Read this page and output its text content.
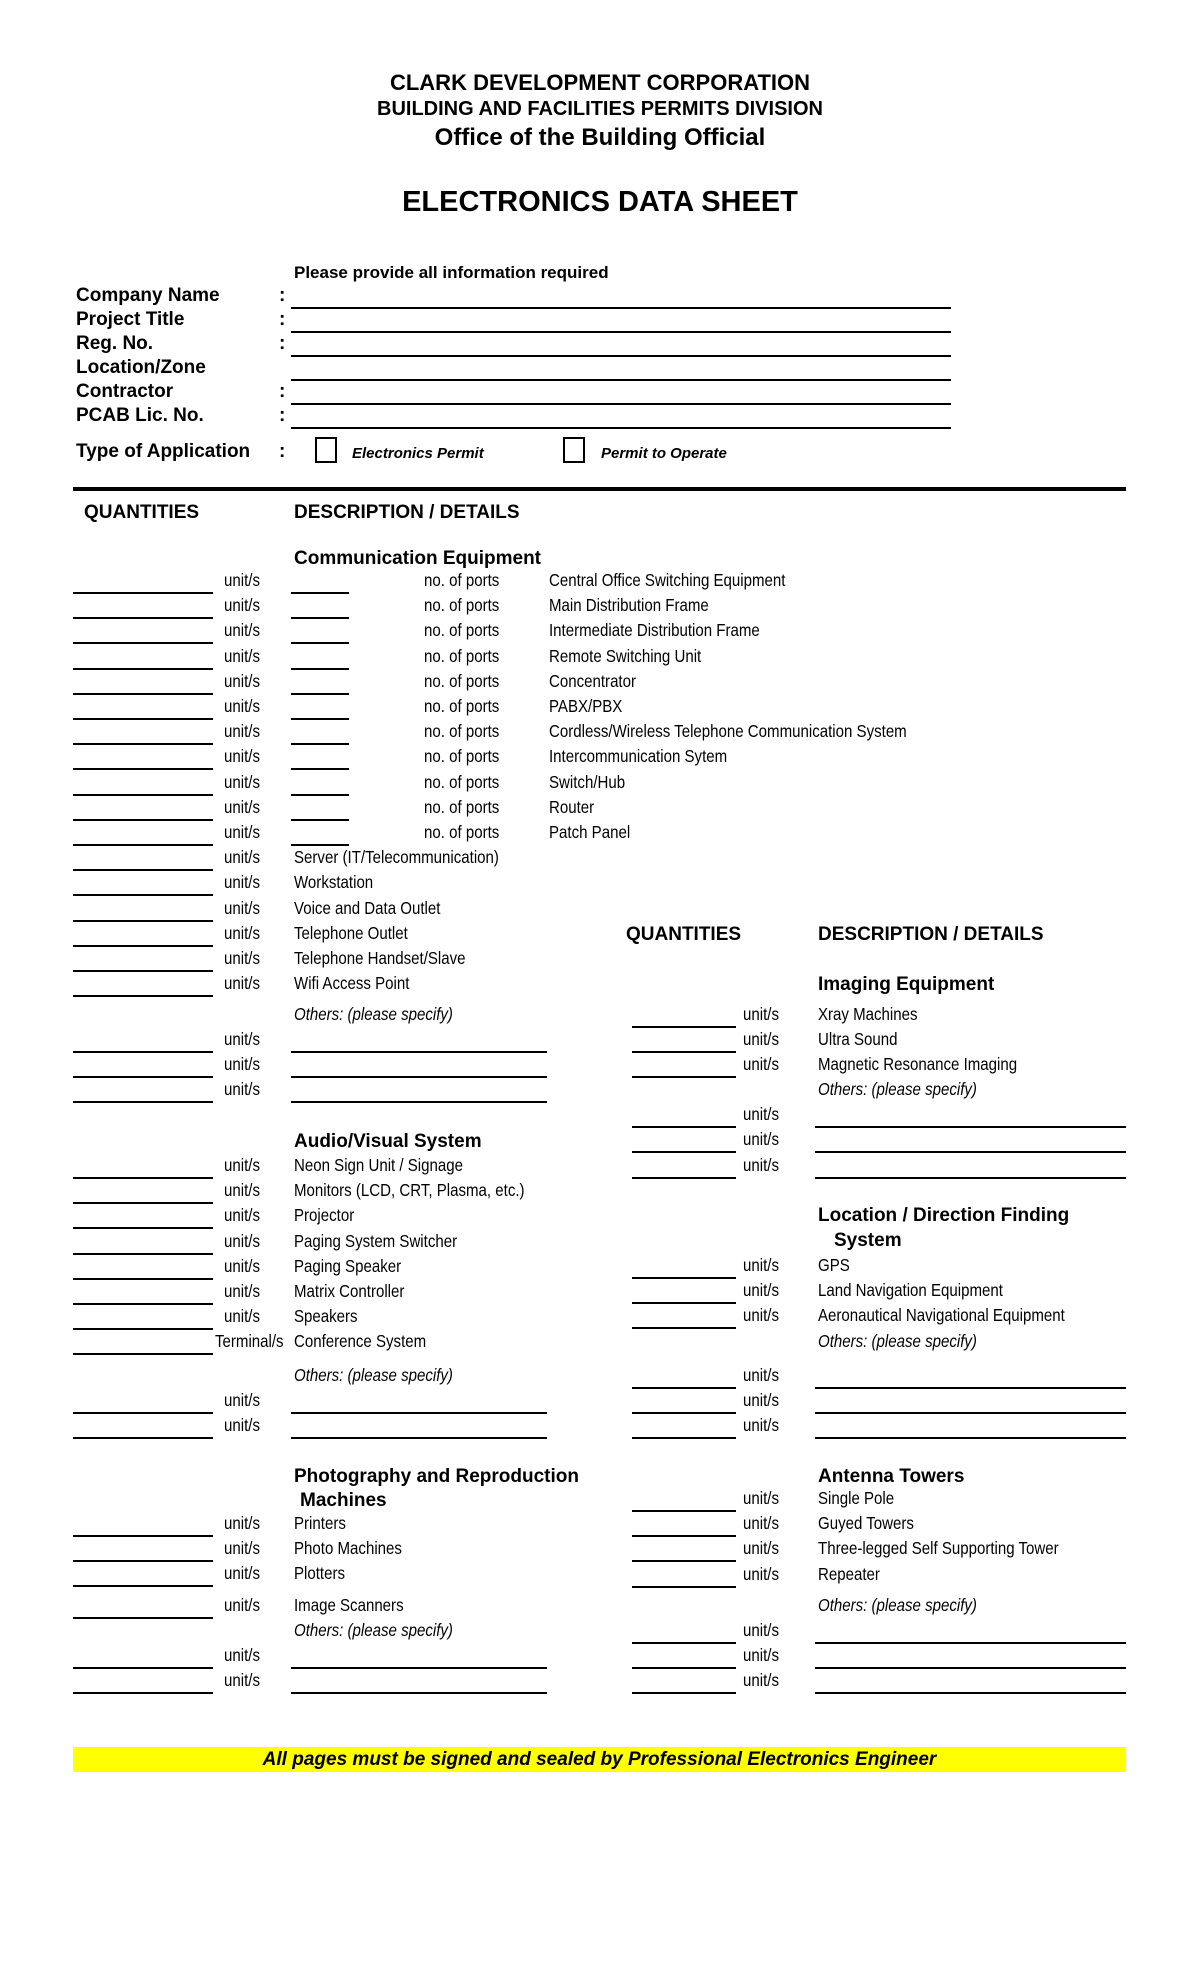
CLARK DEVELOPMENT CORPORATION
BUILDING AND FACILITIES PERMITS DIVISION
Office of the Building Official
ELECTRONICS DATA SHEET
Please provide all information required
Company Name	:
Project Title	:
Reg. No.	:
Location/Zone
Contractor	:
PCAB Lic. No.	:
Type of Application :	Electronics Permit	Permit to Operate
QUANTITIES	DESCRIPTION / DETAILS
Communication Equipment
unit/s	no. of ports	Central Office Switching Equipment
unit/s	no. of ports	Main Distribution Frame
unit/s	no. of ports	Intermediate Distribution Frame
unit/s	no. of ports	Remote Switching Unit
unit/s	no. of ports	Concentrator
unit/s	no. of ports	PABX/PBX
unit/s	no. of ports	Cordless/Wireless Telephone Communication System
unit/s	no. of ports	Intercommunication Sytem
unit/s	no. of ports	Switch/Hub
unit/s	no. of ports	Router
unit/s	no. of ports	Patch Panel
unit/s Server (IT/Telecommunication)
unit/s Workstation
unit/s Voice and Data Outlet
unit/s Telephone Outlet
unit/s Telephone Handset/Slave
unit/s Wifi Access Point
Others: (please specify)
unit/s
unit/s
unit/s
Audio/Visual System
unit/s Neon Sign Unit / Signage
unit/s Monitors (LCD, CRT, Plasma, etc.)
unit/s Projector
unit/s Paging System Switcher
unit/s Paging Speaker
unit/s Matrix Controller
unit/s Speakers
Terminal/s Conference System
Others: (please specify)
unit/s
unit/s
Photography and Reproduction
Machines
unit/s Printers
unit/s Photo Machines
unit/s Plotters
unit/s Image Scanners
Others: (please specify)
unit/s
unit/s
QUANTITIES	DESCRIPTION / DETAILS
Imaging Equipment
unit/s Xray Machines
unit/s Ultra Sound
unit/s Magnetic Resonance Imaging
Others: (please specify)
unit/s
unit/s
unit/s
Location / Direction Finding
System
unit/s GPS
unit/s Land Navigation Equipment
unit/s Aeronautical Navigational Equipment
Others: (please specify)
unit/s
unit/s
unit/s
Antenna Towers
unit/s Single Pole
unit/s Guyed Towers
unit/s Three-legged Self Supporting Tower
unit/s Repeater
Others: (please specify)
unit/s
unit/s
unit/s
All pages must be signed and sealed by Professional Electronics Engineer
